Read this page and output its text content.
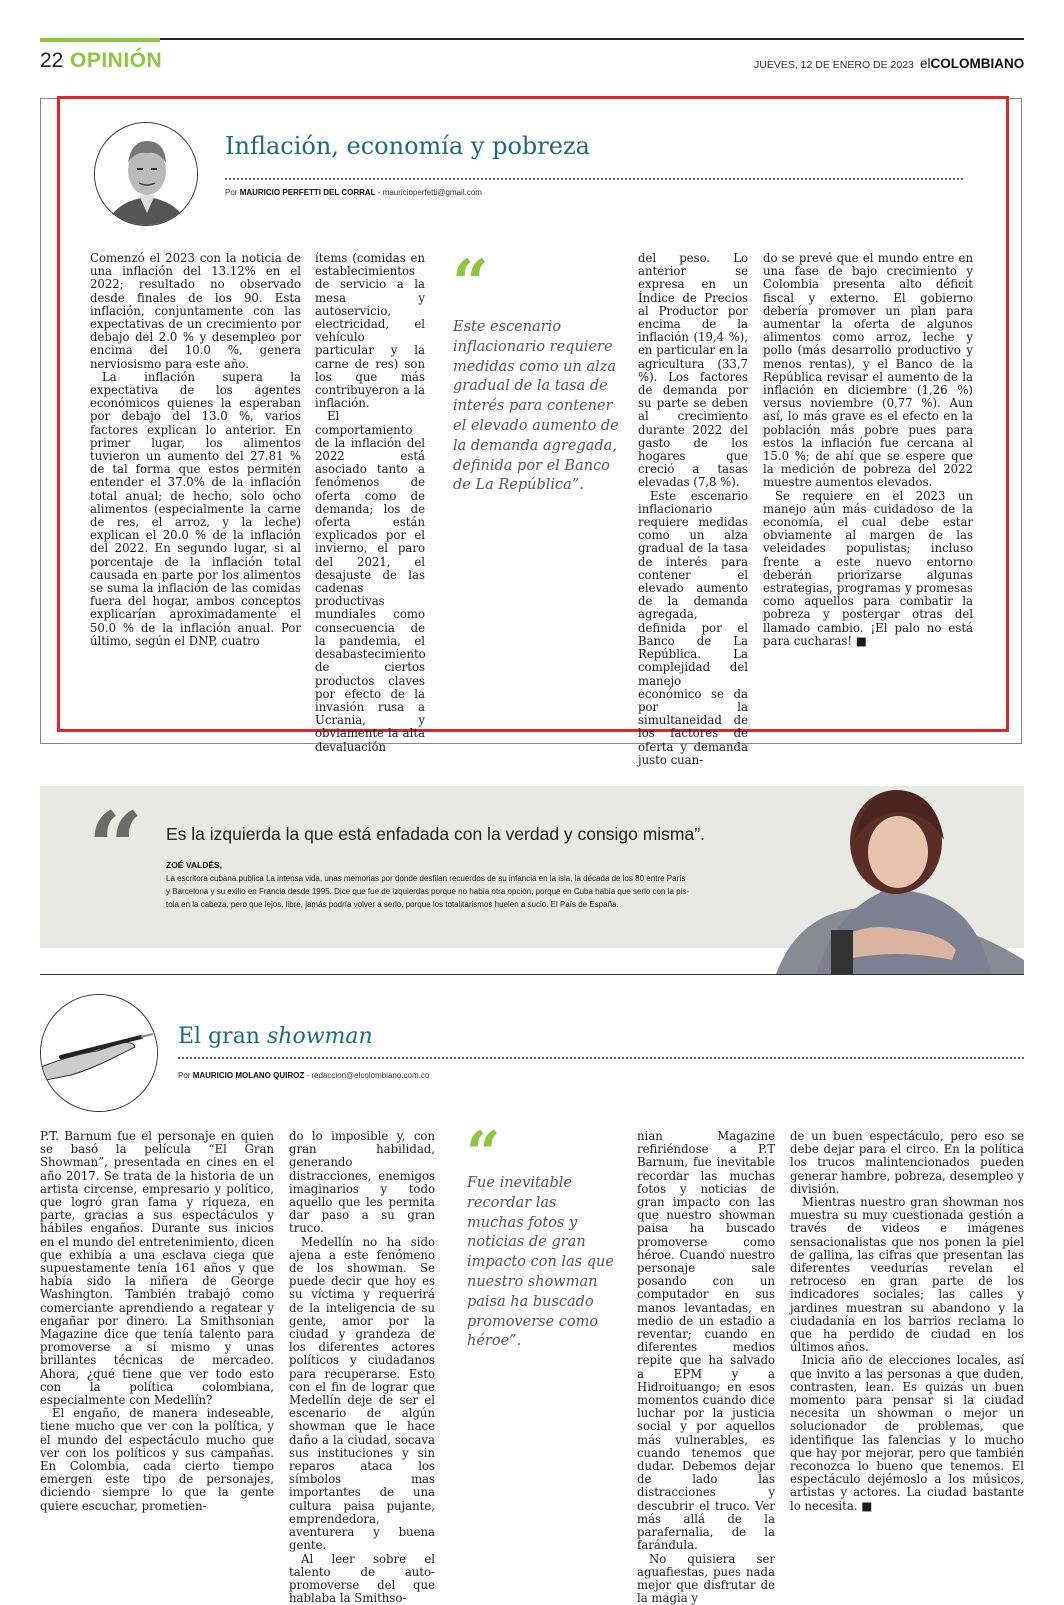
22 OPINIÓN	JUEVES, 12 DE ENERO DE 2023 elCOLOMBIANO
Inflación, economía y pobreza
Por MAURICIO PERFETTI DEL CORRAL - mauricioperfetti@gmail.com

Comenzó el 2023 con la noticia de una inflación del 13.12% en el 2022; resultado no observado desde finales de los 90. Esta inflación, conjuntamente con las expectativas de un crecimiento por debajo del 2.0 % y desempleo por encima del 10.0 %, genera nerviosismo para este año.

La inflación supera la expectativa de los agentes económicos quienes la esperaban por debajo del 13.0 %, varios factores explican lo anterior. En primer lugar, los alimentos tuvieron un aumento del 27.81 % de tal forma que estos permiten entender el 37.0% de la inflación total anual; de hecho, solo ocho alimentos (especialmente la carne de res, el arroz, y la leche) explican el 20.0 % de la inflación del 2022. En segundo lugar, si al porcentaje de la inflación total causada en parte por los alimentos se suma la inflación de las comidas fuera del hogar, ambos conceptos explicarían aproximadamente el 50.0 % de la inflación anual. Por último, según el DNP, cuatro

ítems (comidas en establecimientos de servicio a la mesa y autoservicio, electricidad, el vehículo particular y la carne de res) son los que más contribuyeron a la inflación.

El comportamiento de la inflación del 2022 está asociado tanto a fenómenos de oferta como de demanda; los de oferta están explicados por el invierno, el paro del 2021, el desajuste de las cadenas productivas mundiales como consecuencia de la pandemia, el desabastecimiento de ciertos productos claves por efecto de la invasión rusa a Ucrania, y obviamente la alta devaluación

“
Este escenario inflacionario requiere medidas como un alza gradual de la tasa de interés para contener el elevado aumento de la demanda agregada, definida por el Banco de La República”.

del peso. Lo anterior se expresa en un Índice de Precios al Productor por encima de la inflación (19,4 %), en particular en la agricultura (33,7 %). Los factores de demanda por su parte se deben al crecimiento durante 2022 del gasto de los hogares que creció a tasas elevadas (7,8 %).

Este escenario inflacionario requiere medidas como un alza gradual de la tasa de interés para contener el elevado aumento de la demanda agregada, definida por el Banco de La República. La complejidad del manejo económico se da por la simultaneidad de los factores de oferta y demanda justo cuan-

do se prevé que el mundo entre en una fase de bajo crecimiento y Colombia presenta alto déficit fiscal y externo. El gobierno debería promover un plan para aumentar la oferta de algunos alimentos como arroz, leche y pollo (más desarrollo productivo y menos rentas), y el Banco de la República revisar el aumento de la inflación en diciembre (1,26 %) versus noviembre (0,77 %). Aun así, lo más grave es el efecto en la población más pobre pues para estos la inflación fue cercana al 15.0 %; de ahí que se espere que la medición de pobreza del 2022 muestre aumentos elevados.

Se requiere en el 2023 un manejo aún más cuidadoso de la economía, el cual debe estar obviamente al margen de las veleidades populistas; incluso frente a este nuevo entorno deberán priorizarse algunas estrategias, programas y promesas como aquellos para combatir la pobreza y postergar otras del llamado cambio. ¡El palo no está para cucharas! ■

“ Es la izquierda la que está enfadada con la verdad y consigo misma”.
ZOÉ VALDÉS,
La escritora cubana publica La intensa vida, unas memorias por donde desfilan recuerdos de su infancia en la isla, la década de los 80 entre París
y Barcelona y su exilio en Francia desde 1995. Dice que fue de izquierdas porque no había otra opción, porque en Cuba había que serlo con la pis-
tola en la cabeza, pero que lejos, libre, jamás podría volver a serlo, porque los totalitarismos huelen a sucio. El País de España.
El gran showman
Por MAURICIO MOLANO QUIROZ - redaccion@elcolombiano.com.co

P.T. Barnum fue el personaje en quien se basó la película “El Gran Showman”, presentada en cines en el año 2017. Se trata de la historia de un artista circense, empresario y político, que logró gran fama y riqueza, en parte, gracias a sus espectáculos y hábiles engaños. Durante sus inicios en el mundo del entretenimiento, dicen que exhibía a una esclava ciega que supuestamente tenía 161 años y que había sido la niñera de George Washington. También trabajó como comerciante aprendiendo a regatear y engañar por dinero. La Smithsonian Magazine dice que tenía talento para promoverse a sí mismo y unas brillantes técnicas de mercadeo. Ahora, ¿qué tiene que ver todo esto con la política colombiana, especialmente con Medellín?

El engaño, de manera indeseable, tiene mucho que ver con la política, y el mundo del espectáculo mucho que ver con los políticos y sus campañas. En Colombia, cada cierto tiempo emergen este tipo de personajes, diciendo siempre lo que la gente quiere escuchar, prometien-

do lo imposible y, con gran habilidad, generando distracciones, enemigos imaginarios y todo aquello que les permita dar paso a su gran truco.

Medellín no ha sido ajena a este fenómeno de los showman. Se puede decir que hoy es su víctima y requerirá de la inteligencia de su gente, amor por la ciudad y grandeza de los diferentes actores políticos y ciudadanos para recuperarse. Esto con el fin de lograr que Medellín deje de ser el escenario de algún showman que le hace daño a la ciudad, socava sus instituciones y sin reparos ataca los símbolos mas importantes de una cultura paisa pujante, emprendedora, aventurera y buena gente.

Al leer sobre el talento de auto-promoverse del que hablaba la Smithso-

“
Fue inevitable recordar las muchas fotos y noticias de gran impacto con las que nuestro showman paisa ha buscado promoverse como héroe”.

nian Magazine refiriéndose a P.T Barnum, fue inevitable recordar las muchas fotos y noticias de gran impacto con las que nuestro showman paisa ha buscado promoverse como héroe. Cuando nuestro personaje sale posando con un computador en sus manos levantadas, en medio de un estadio a reventar; cuando en diferentes medios repite que ha salvado a EPM y a Hidroituango; en esos momentos cuando dice luchar por la justicia social y por aquellos más vulnerables, es cuando tenemos que dudar. Debemos dejar de lado las distracciones y descubrir el truco. Ver más allá de la parafernalia, de la farándula.

No quisiera ser aguafiestas, pues nada mejor que disfrutar de la magia y

de un buen espectáculo, pero eso se debe dejar para el circo. En la política los trucos malintencionados pueden generar hambre, pobreza, desempleo y división.

Mientras nuestro gran showman nos muestra su muy cuestionada gestión a través de videos e imágenes sensacionalistas que nos ponen la piel de gallina, las cifras que presentan las diferentes veedurías revelan el retroceso en gran parte de los indicadores sociales; las calles y jardines muestran su abandono y la ciudadanía en los barrios reclama lo que ha perdido de ciudad en los últimos años.

Inicia año de elecciones locales, así que invito a las personas a que duden, contrasten, lean. Es quizás un buen momento para pensar si la ciudad necesita un showman o mejor un solucionador de problemas, que identifique las falencias y lo mucho que hay por mejorar, pero que también reconozca lo bueno que tenemos. El espectáculo dejémoslo a los músicos, artistas y actores. La ciudad bastante lo necesita. ■
